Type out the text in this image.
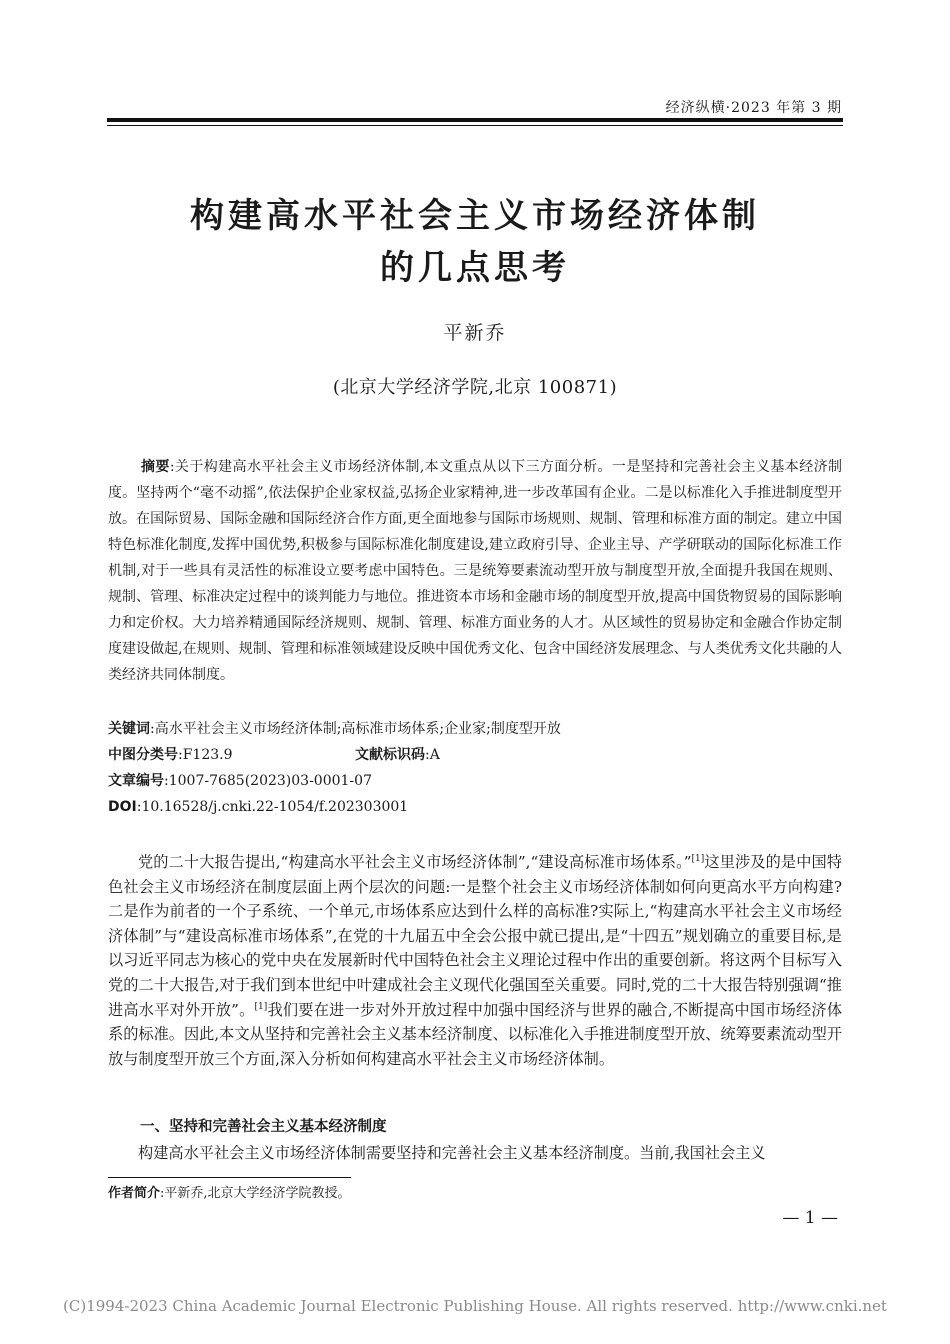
经济纵横·2023 年第 3 期
构建高水平社会主义市场经济体制
的几点思考
平新乔
(北京大学经济学院,北京 100871)
摘要:关于构建高水平社会主义市场经济体制,本文重点从以下三方面分析。一是坚持和完善社会主义基本经济制度。坚持两个“毫不动摇”,依法保护企业家权益,弘扬企业家精神,进一步改革国有企业。二是以标准化入手推进制度型开放。在国际贸易、国际金融和国际经济合作方面,更全面地参与国际市场规则、规制、管理和标准方面的制定。建立中国特色标准化制度,发挥中国优势,积极参与国际标准化制度建设,建立政府引导、企业主导、产学研联动的国际化标准工作机制,对于一些具有灵活性的标准设立要考虑中国特色。三是统筹要素流动型开放与制度型开放,全面提升我国在规则、规制、管理、标准决定过程中的谈判能力与地位。推进资本市场和金融市场的制度型开放,提高中国货物贸易的国际影响力和定价权。大力培养精通国际经济规则、规制、管理、标准方面业务的人才。从区域性的贸易协定和金融合作协定制度建设做起,在规则、规制、管理和标准领域建设反映中国优秀文化、包含中国经济发展理念、与人类优秀文化共融的人类经济共同体制度。
关键词:高水平社会主义市场经济体制;高标准市场体系;企业家;制度型开放
中图分类号:F123.9	文献标识码:A
文章编号:1007-7685(2023)03-0001-07
DOI:10.16528/j.cnki.22-1054/f.202303001
党的二十大报告提出,“构建高水平社会主义市场经济体制”,“建设高标准市场体系。”[1]这里涉及的是中国特色社会主义市场经济在制度层面上两个层次的问题:一是整个社会主义市场经济体制如何向更高水平方向构建?二是作为前者的一个子系统、一个单元,市场体系应达到什么样的高标准?实际上,“构建高水平社会主义市场经济体制”与“建设高标准市场体系”,在党的十九届五中全会公报中就已提出,是“十四五”规划确立的重要目标,是以习近平同志为核心的党中央在发展新时代中国特色社会主义理论过程中作出的重要创新。将这两个目标写入党的二十大报告,对于我们到本世纪中叶建成社会主义现代化强国至关重要。同时,党的二十大报告特别强调“推进高水平对外开放”。[1]我们要在进一步对外开放过程中加强中国经济与世界的融合,不断提高中国市场经济体系的标准。因此,本文从坚持和完善社会主义基本经济制度、以标准化入手推进制度型开放、统筹要素流动型开放与制度型开放三个方面,深入分析如何构建高水平社会主义市场经济体制。
一、坚持和完善社会主义基本经济制度
构建高水平社会主义市场经济体制需要坚持和完善社会主义基本经济制度。当前,我国社会主义
作者简介:平新乔,北京大学经济学院教授。
— 1 —
(C)1994-2023 China Academic Journal Electronic Publishing House. All rights reserved. http://www.cnki.net
